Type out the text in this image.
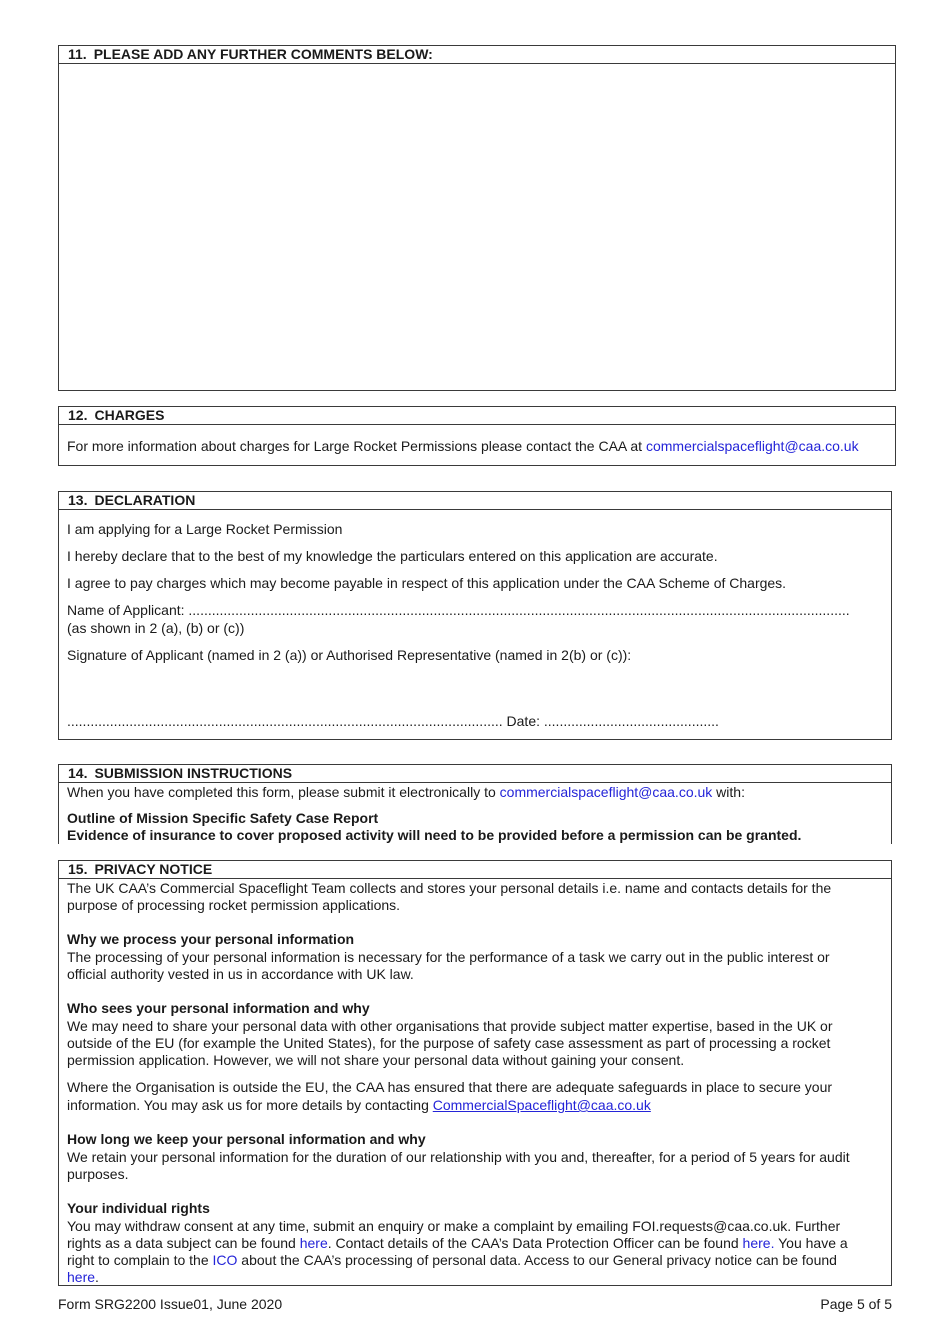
11. PLEASE ADD ANY FURTHER COMMENTS BELOW:
12. CHARGES
For more information about charges for Large Rocket Permissions please contact the CAA at commercialspaceflight@caa.co.uk
13. DECLARATION
I am applying for a Large Rocket Permission
I hereby declare that to the best of my knowledge the particulars entered on this application are accurate.
I agree to pay charges which may become payable in respect of this application under the CAA Scheme of Charges.
Name of Applicant: ..........................................................................................................................................................................
(as shown in 2 (a), (b) or (c))
Signature of Applicant (named in 2 (a)) or Authorised Representative (named in 2(b) or (c)):
................................................................................................................ Date: .............................................
14. SUBMISSION INSTRUCTIONS
When you have completed this form, please submit it electronically to commercialspaceflight@caa.co.uk with:
Outline of Mission Specific Safety Case Report
Evidence of insurance to cover proposed activity will need to be provided before a permission can be granted.
15. PRIVACY NOTICE
The UK CAA’s Commercial Spaceflight Team collects and stores your personal details i.e. name and contacts details for the
purpose of processing rocket permission applications.
Why we process your personal information
The processing of your personal information is necessary for the performance of a task we carry out in the public interest or
official authority vested in us in accordance with UK law.
Who sees your personal information and why
We may need to share your personal data with other organisations that provide subject matter expertise, based in the UK or
outside of the EU (for example the United States), for the purpose of safety case assessment as part of processing a rocket
permission application. However, we will not share your personal data without gaining your consent.
Where the Organisation is outside the EU, the CAA has ensured that there are adequate safeguards in place to secure your
information. You may ask us for more details by contacting CommercialSpaceflight@caa.co.uk
How long we keep your personal information and why
We retain your personal information for the duration of our relationship with you and, thereafter, for a period of 5 years for audit
purposes.
Your individual rights
You may withdraw consent at any time, submit an enquiry or make a complaint by emailing FOI.requests@caa.co.uk. Further
rights as a data subject can be found here. Contact details of the CAA’s Data Protection Officer can be found here. You have a
right to complain to the ICO about the CAA’s processing of personal data. Access to our General privacy notice can be found
here.
Form SRG2200 Issue01, June 2020	Page 5 of 5
